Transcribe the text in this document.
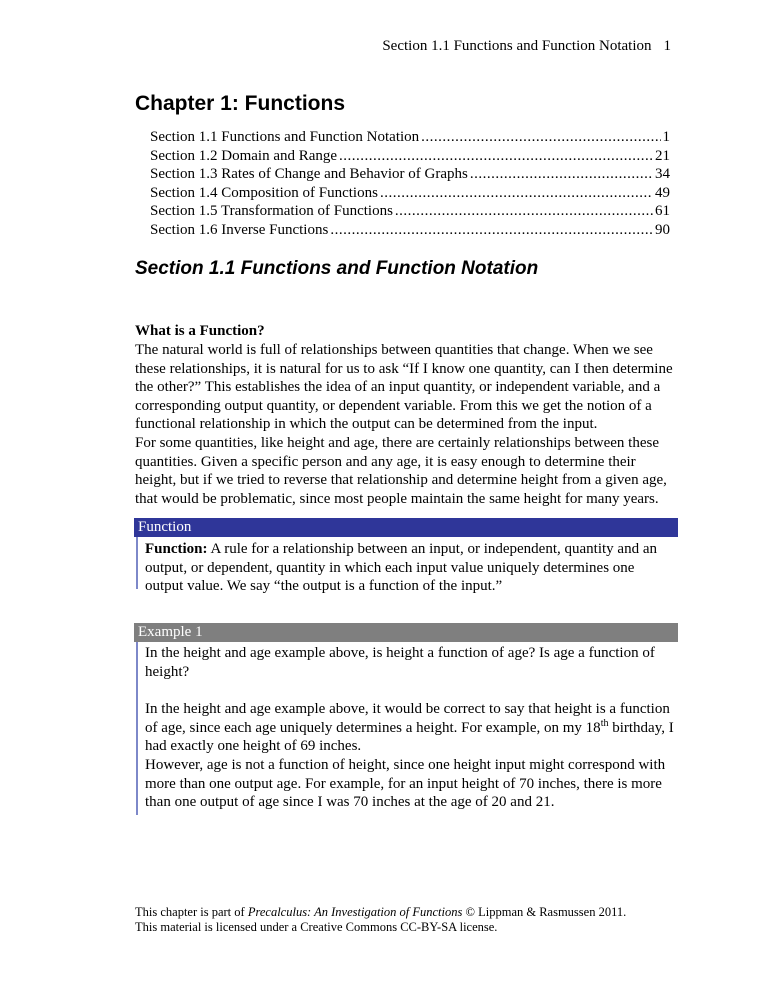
Section 1.1 Functions and Function Notation 1
Chapter 1: Functions
Section 1.1 Functions and Function Notation .....	1
Section 1.2 Domain and Range .....	21
Section 1.3 Rates of Change and Behavior of Graphs .....	34
Section 1.4 Composition of Functions .....	49
Section 1.5 Transformation of Functions .....	61
Section 1.6 Inverse Functions .....	90
Section 1.1 Functions and Function Notation
What is a Function?
The natural world is full of relationships between quantities that change. When we see these relationships, it is natural for us to ask “If I know one quantity, can I then determine the other?” This establishes the idea of an input quantity, or independent variable, and a corresponding output quantity, or dependent variable. From this we get the notion of a functional relationship in which the output can be determined from the input.
For some quantities, like height and age, there are certainly relationships between these quantities. Given a specific person and any age, it is easy enough to determine their height, but if we tried to reverse that relationship and determine height from a given age, that would be problematic, since most people maintain the same height for many years.
Function
Function: A rule for a relationship between an input, or independent, quantity and an output, or dependent, quantity in which each input value uniquely determines one output value. We say “the output is a function of the input.”
Example 1
In the height and age example above, is height a function of age? Is age a function of height?
In the height and age example above, it would be correct to say that height is a function of age, since each age uniquely determines a height. For example, on my 18th birthday, I had exactly one height of 69 inches.
However, age is not a function of height, since one height input might correspond with more than one output age. For example, for an input height of 70 inches, there is more than one output of age since I was 70 inches at the age of 20 and 21.
This chapter is part of Precalculus: An Investigation of Functions © Lippman & Rasmussen 2011.
This material is licensed under a Creative Commons CC-BY-SA license.
